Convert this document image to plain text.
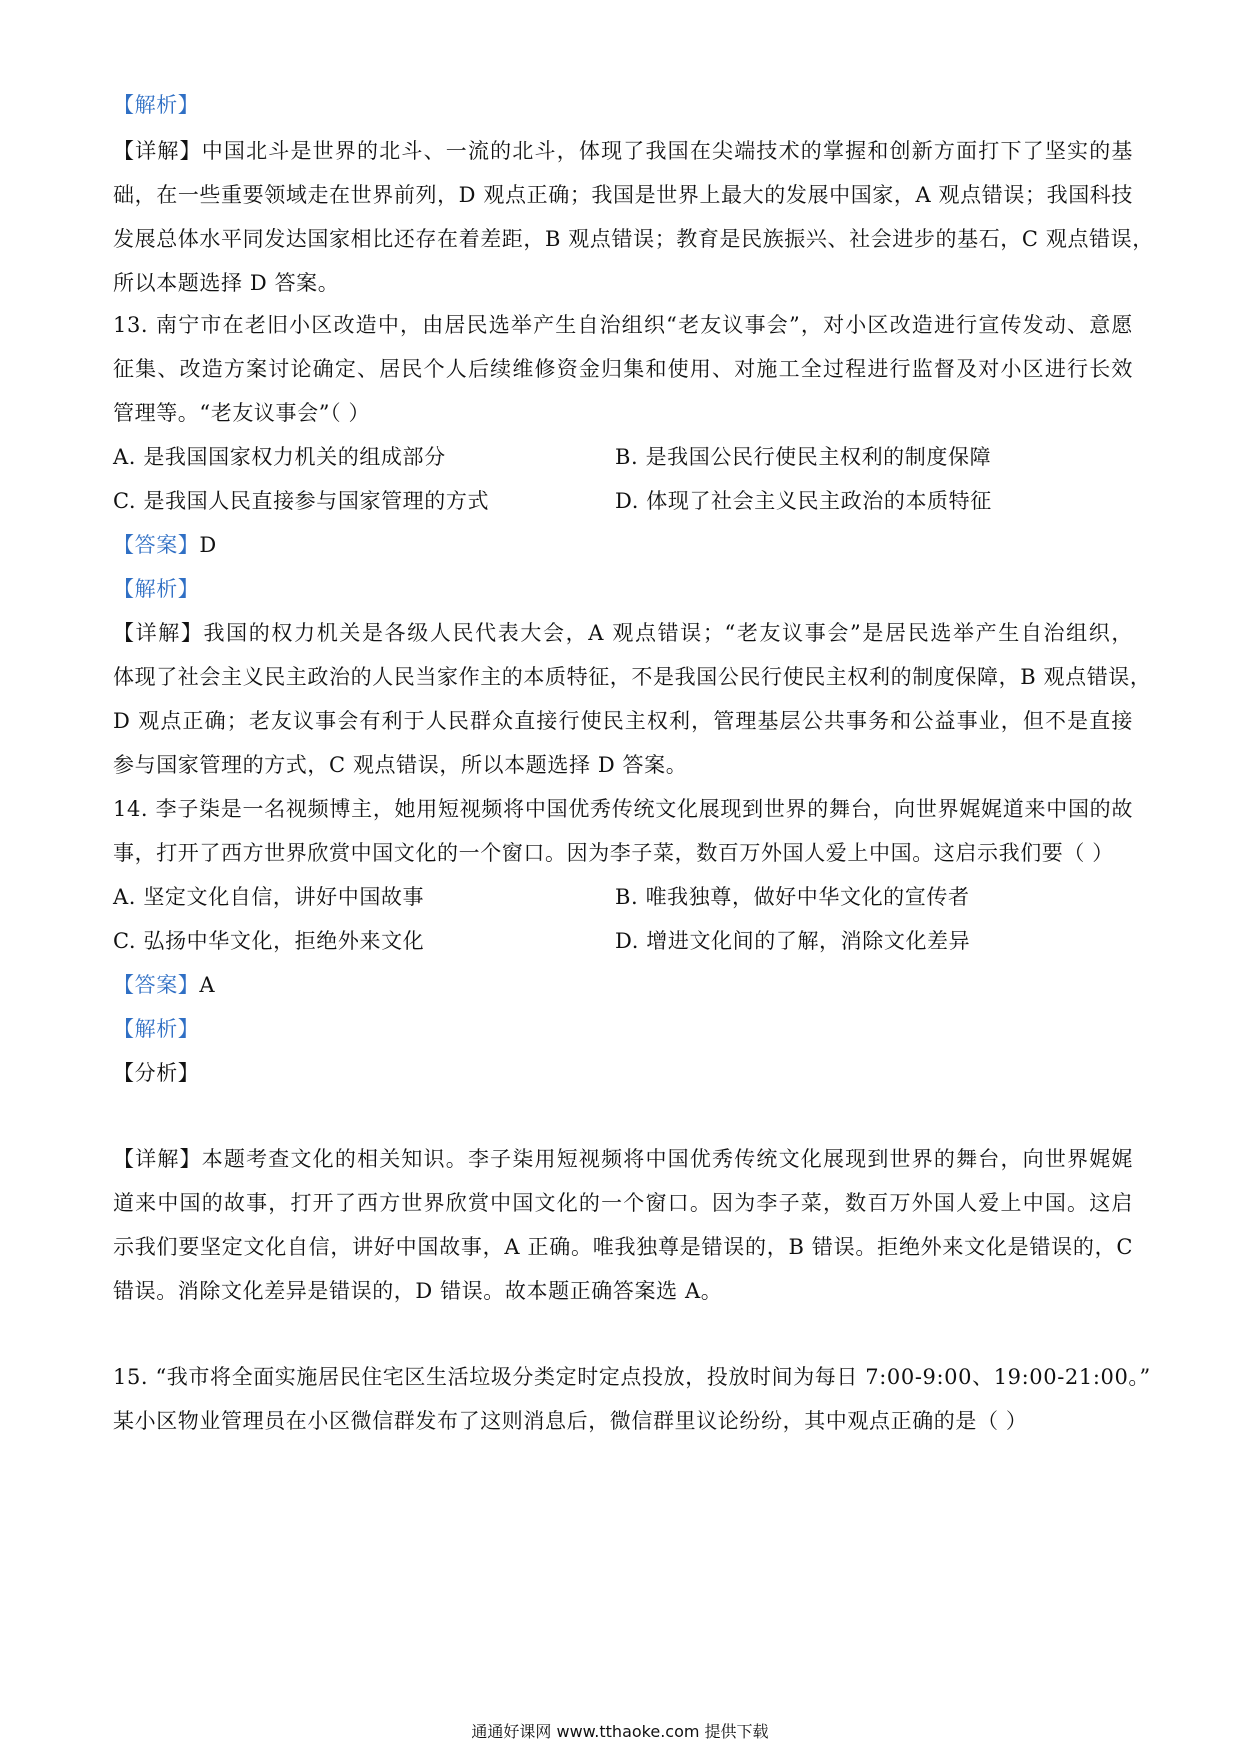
【解析】
【详解】中国北斗是世界的北斗、一流的北斗，体现了我国在尖端技术的掌握和创新方面打下了坚实的基
础，在一些重要领域走在世界前列，D 观点正确；我国是世界上最大的发展中国家，A 观点错误；我国科技
发展总体水平同发达国家相比还存在着差距，B 观点错误；教育是民族振兴、社会进步的基石，C 观点错误，
所以本题选择 D 答案。
13. 南宁市在老旧小区改造中，由居民选举产生自治组织“老友议事会”，对小区改造进行宣传发动、意愿
征集、改造方案讨论确定、居民个人后续维修资金归集和使用、对施工全过程进行监督及对小区进行长效
管理等。“老友议事会”（ ）
A. 是我国国家权力机关的组成部分	B. 是我国公民行使民主权利的制度保障
C. 是我国人民直接参与国家管理的方式	D. 体现了社会主义民主政治的本质特征
【答案】D
【解析】
【详解】我国的权力机关是各级人民代表大会，A 观点错误；“老友议事会”是居民选举产生自治组织，
体现了社会主义民主政治的人民当家作主的本质特征，不是我国公民行使民主权利的制度保障，B 观点错误，
D 观点正确；老友议事会有利于人民群众直接行使民主权利，管理基层公共事务和公益事业，但不是直接
参与国家管理的方式，C 观点错误，所以本题选择 D 答案。
14. 李子柒是一名视频博主，她用短视频将中国优秀传统文化展现到世界的舞台，向世界娓娓道来中国的故
事，打开了西方世界欣赏中国文化的一个窗口。因为李子菜，数百万外国人爱上中国。这启示我们要（ ）
A. 坚定文化自信，讲好中国故事	B. 唯我独尊，做好中华文化的宣传者
C. 弘扬中华文化，拒绝外来文化	D. 增进文化间的了解，消除文化差异
【答案】A
【解析】
【分析】
【详解】本题考查文化的相关知识。李子柒用短视频将中国优秀传统文化展现到世界的舞台，向世界娓娓
道来中国的故事，打开了西方世界欣赏中国文化的一个窗口。因为李子菜，数百万外国人爱上中国。这启
示我们要坚定文化自信，讲好中国故事，A 正确。唯我独尊是错误的，B 错误。拒绝外来文化是错误的，C
错误。消除文化差异是错误的，D 错误。故本题正确答案选 A。
15. “我市将全面实施居民住宅区生活垃圾分类定时定点投放，投放时间为每日 7:00-9:00、19:00-21:00。”
某小区物业管理员在小区微信群发布了这则消息后，微信群里议论纷纷，其中观点正确的是（ ）
通通好课网 www.tthaoke.com 提供下载
